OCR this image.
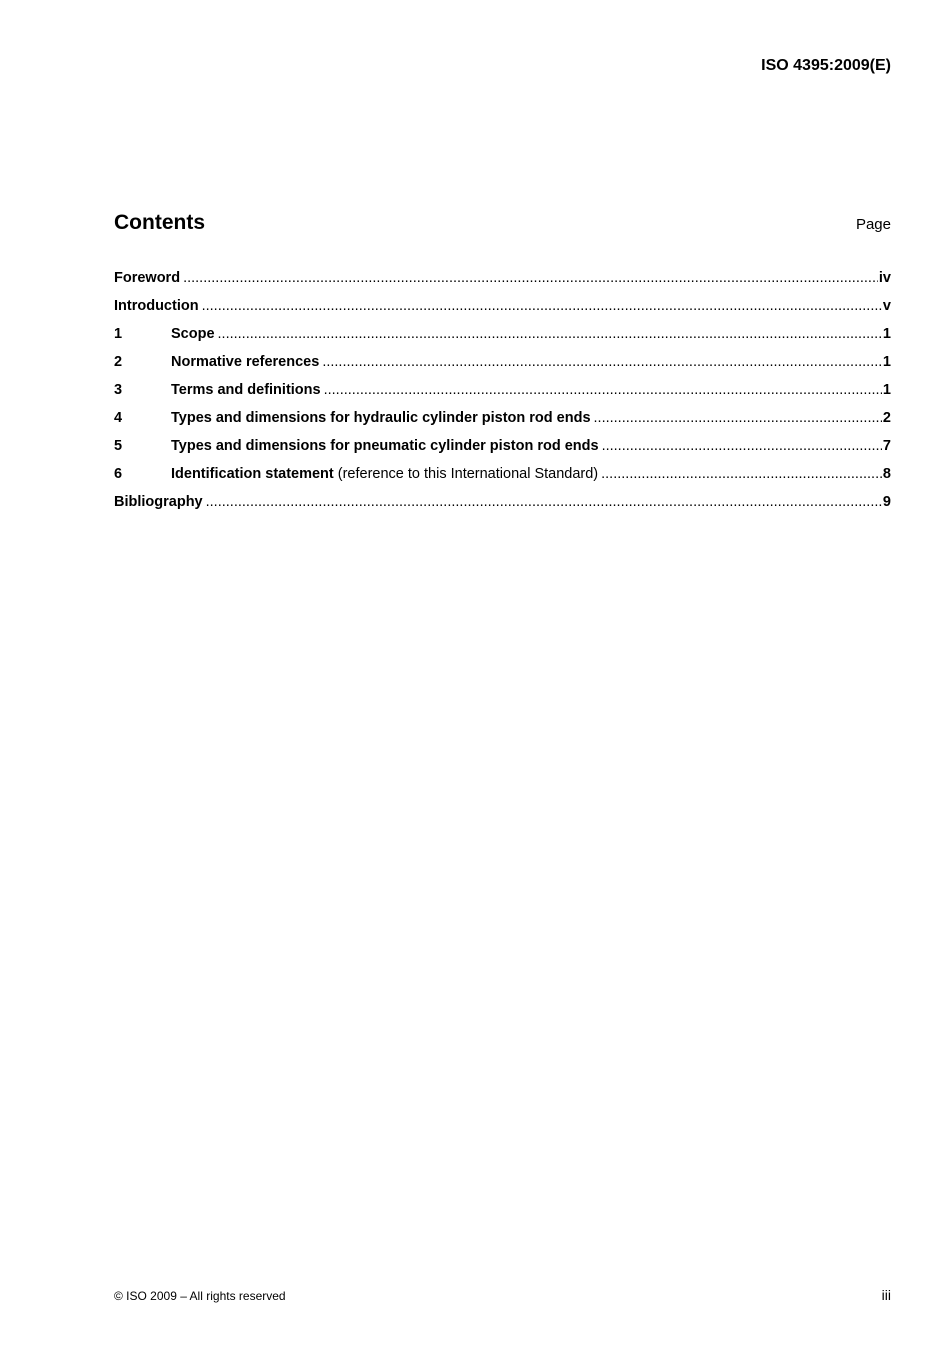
ISO 4395:2009(E)
Contents	Page
Foreword .....	iv
Introduction .....	v
1	Scope .....	1
2	Normative references .....	1
3	Terms and definitions .....	1
4	Types and dimensions for hydraulic cylinder piston rod ends .....	2
5	Types and dimensions for pneumatic cylinder piston rod ends .....	7
6	Identification statement (reference to this International Standard) .....	8
Bibliography .....	9
© ISO 2009 – All rights reserved	iii
